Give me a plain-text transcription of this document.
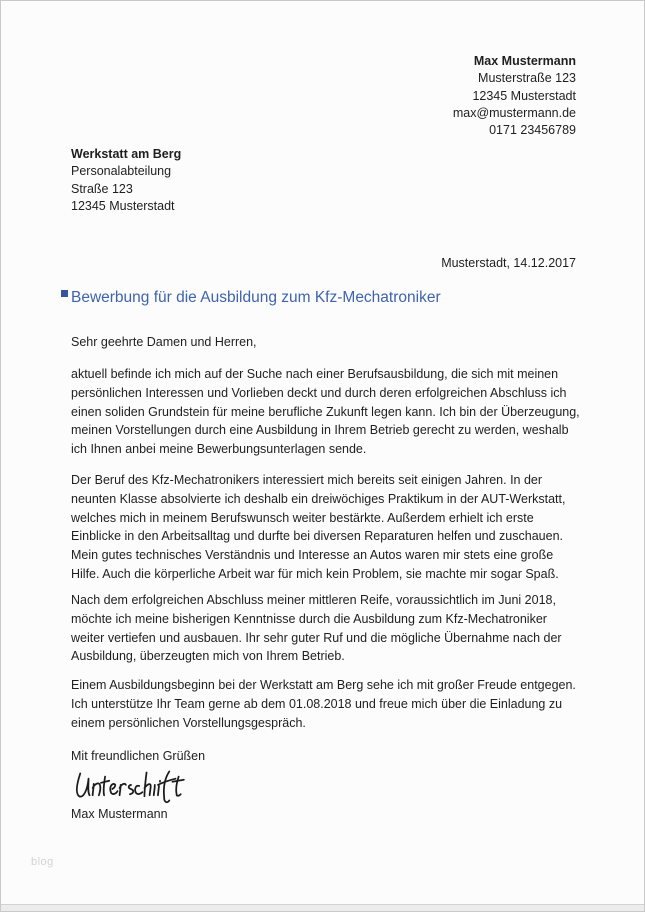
Max Mustermann
Musterstraße 123
12345 Musterstadt
max@mustermann.de
0171 23456789
Werkstatt am Berg
Personalabteilung
Straße 123
12345 Musterstadt
Musterstadt, 14.12.2017
Bewerbung für die Ausbildung zum Kfz-Mechatroniker
Sehr geehrte Damen und Herren,

aktuell befinde ich mich auf der Suche nach einer Berufsausbildung, die sich mit meinen persönlichen Interessen und Vorlieben deckt und durch deren erfolgreichen Abschluss ich einen soliden Grundstein für meine berufliche Zukunft legen kann. Ich bin der Überzeugung, meinen Vorstellungen durch eine Ausbildung in Ihrem Betrieb gerecht zu werden, weshalb ich Ihnen anbei meine Bewerbungsunterlagen sende.

Der Beruf des Kfz-Mechatronikers interessiert mich bereits seit einigen Jahren. In der neunten Klasse absolvierte ich deshalb ein dreiwöchiges Praktikum in der AUT-Werkstatt, welches mich in meinem Berufswunsch weiter bestärkte. Außerdem erhielt ich erste Einblicke in den Arbeitsalltag und durfte bei diversen Reparaturen helfen und zuschauen. Mein gutes technisches Verständnis und Interesse an Autos waren mir stets eine große Hilfe. Auch die körperliche Arbeit war für mich kein Problem, sie machte mir sogar Spaß.

Nach dem erfolgreichen Abschluss meiner mittleren Reife, voraussichtlich im Juni 2018, möchte ich meine bisherigen Kenntnisse durch die Ausbildung zum Kfz-Mechatroniker weiter vertiefen und ausbauen. Ihr sehr guter Ruf und die mögliche Übernahme nach der Ausbildung, überzeugten mich von Ihrem Betrieb.

Einem Ausbildungsbeginn bei der Werkstatt am Berg sehe ich mit großer Freude entgegen. Ich unterstütze Ihr Team gerne ab dem 01.08.2018 und freue mich über die Einladung zu einem persönlichen Vorstellungsgespräch.

Mit freundlichen Grüßen
Max Mustermann
blog
